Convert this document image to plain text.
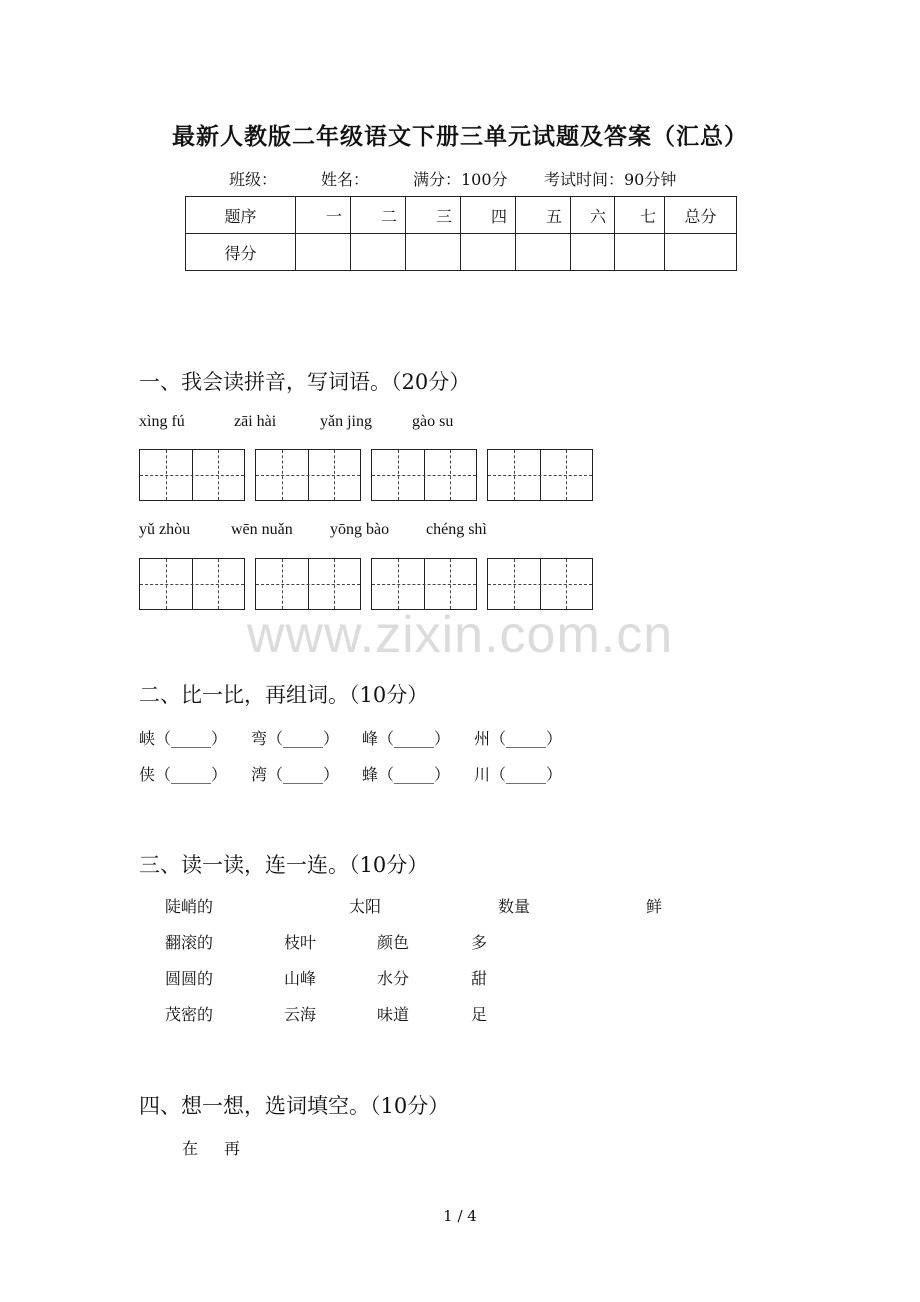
最新人教版二年级语文下册三单元试题及答案（汇总）
班级：	姓名：	满分：100分 考试时间：90分钟
题序	一	二	三	四	五	六	七	总分
得分								
一、我会读拼音，写词语。（20分）
xìng fú	zāi hài	yǎn jing	gào su
yǔ zhòu	wēn nuǎn yōng bào chéng shì
www.zixin.com.cn
二、比一比，再组词。（10分）
峡（_____） 弯（_____） 峰（_____） 州（_____）
侠（_____） 湾（_____） 蜂（_____） 川（_____）
三、读一读，连一连。（10分）
陡峭的	太阳	数量	鲜
翻滚的	枝叶	颜色	多
圆圆的	山峰	水分	甜
茂密的	云海	味道	足
四、想一想，选词填空。（10分）
在 再
1 / 4
